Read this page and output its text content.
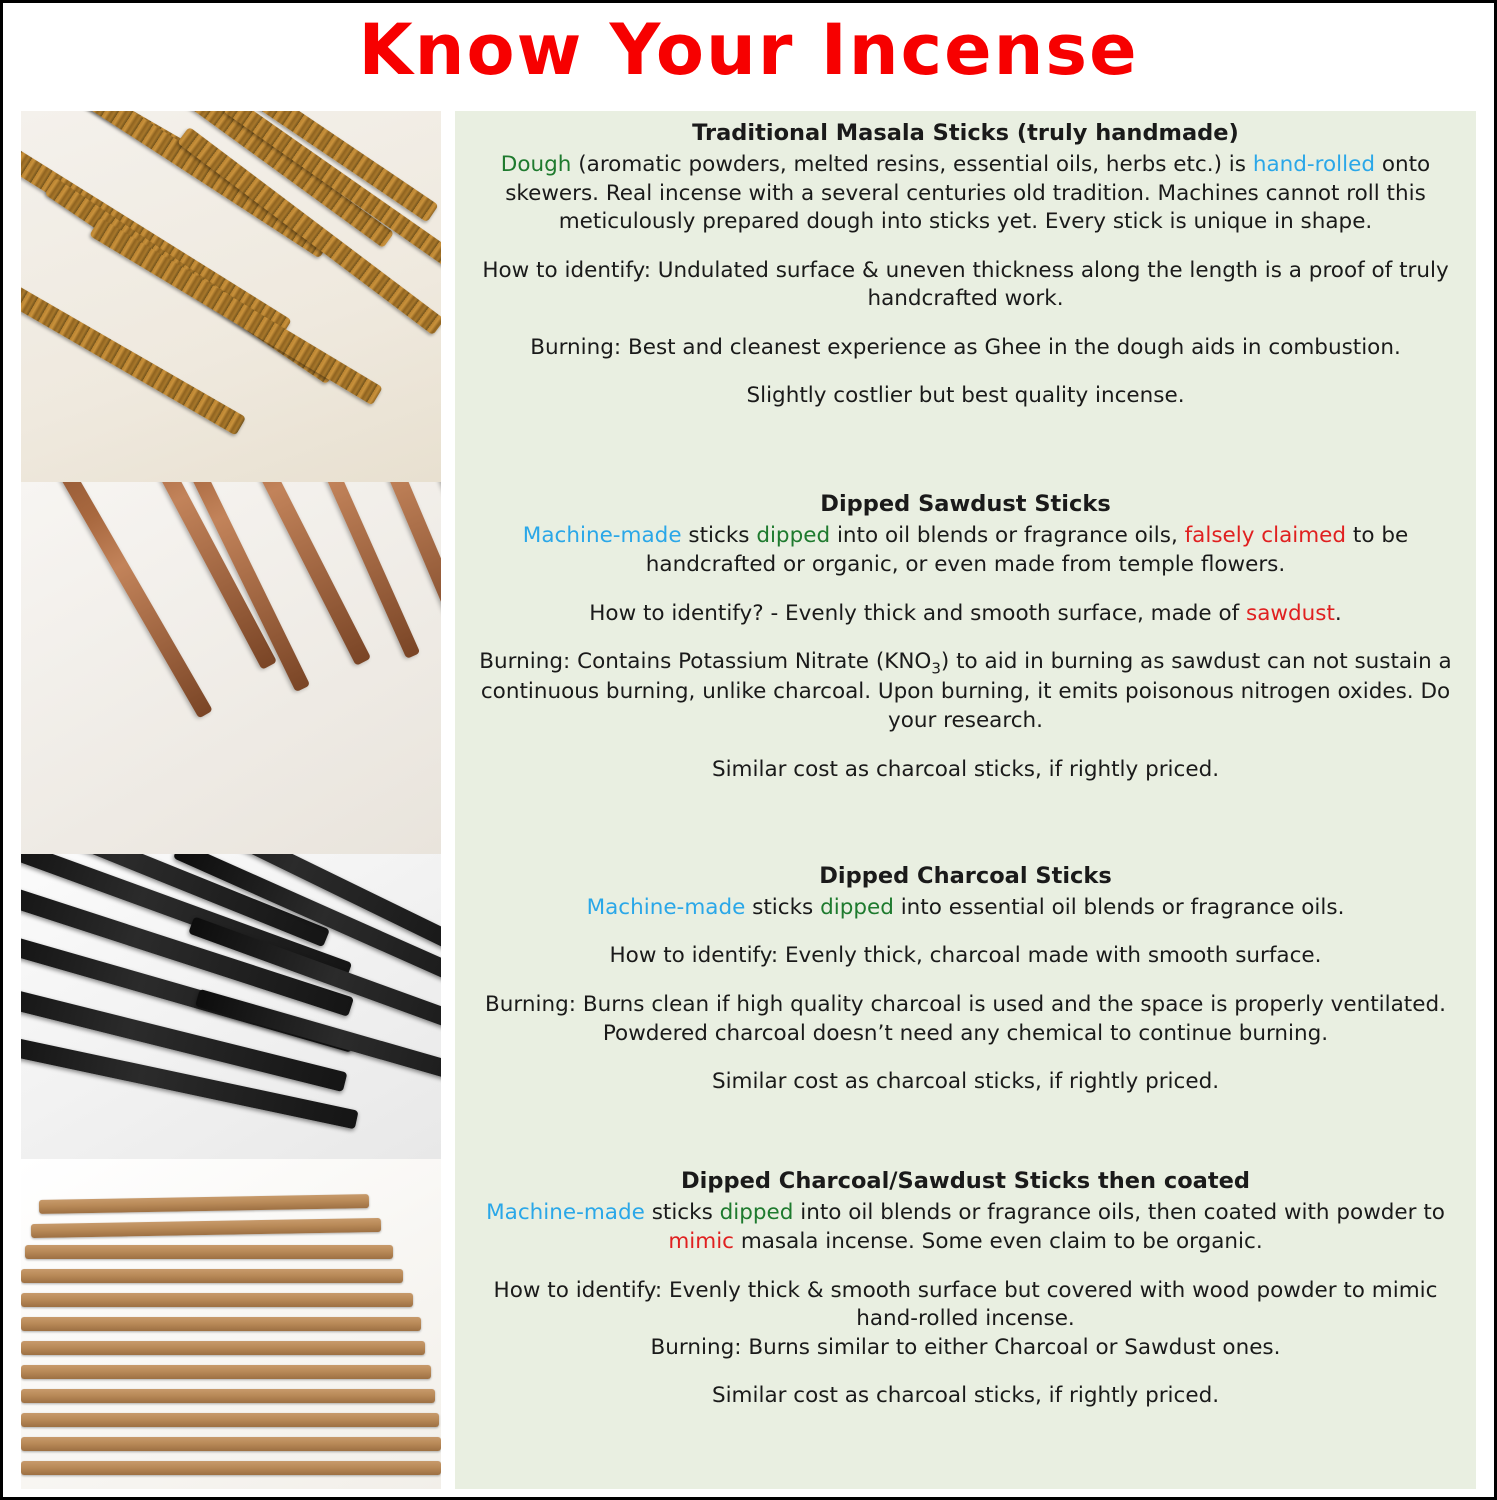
Know Your Incense
Traditional Masala Sticks (truly handmade)

Dough (aromatic powders, melted resins, essential oils, herbs etc.) is hand-rolled onto skewers. Real incense with a several centuries old tradition. Machines cannot roll this meticulously prepared dough into sticks yet. Every stick is unique in shape.

How to identify: Undulated surface & uneven thickness along the length is a proof of truly handcrafted work.

Burning: Best and cleanest experience as Ghee in the dough aids in combustion.

Slightly costlier but best quality incense.

Dipped Sawdust Sticks

Machine-made sticks dipped into oil blends or fragrance oils, falsely claimed to be handcrafted or organic, or even made from temple flowers.

How to identify? - Evenly thick and smooth surface, made of sawdust.

Burning: Contains Potassium Nitrate $(KNO_3)$ to aid in burning as sawdust can not sustain a continuous burning, unlike charcoal. Upon burning, it emits poisonous nitrogen oxides. Do your research.

Similar cost as charcoal sticks, if rightly priced.

Dipped Charcoal Sticks

Machine-made sticks dipped into essential oil blends or fragrance oils.

How to identify: Evenly thick, charcoal made with smooth surface.

Burning: Burns clean if high quality charcoal is used and the space is properly ventilated. Powdered charcoal doesn’t need any chemical to continue burning.

Similar cost as charcoal sticks, if rightly priced.

Dipped Charcoal/Sawdust Sticks then coated

Machine-made sticks dipped into oil blends or fragrance oils, then coated with powder to mimic masala incense. Some even claim to be organic.

How to identify: Evenly thick & smooth surface but covered with wood powder to mimic hand-rolled incense.

Burning: Burns similar to either Charcoal or Sawdust ones.

Similar cost as charcoal sticks, if rightly priced.
